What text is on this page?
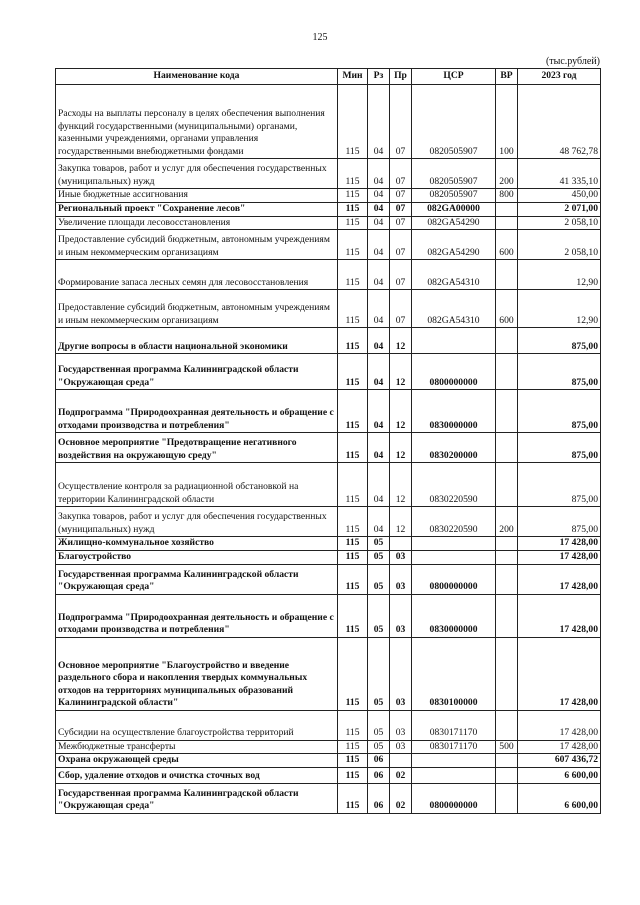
125
(тыс.рублей)
Наименование кода	Мин	Рз	Пр	ЦСР	ВР	2023 год
Расходы на выплаты персоналу в целях обеспечения выполнения функций государственными (муниципальными) органами, казенными учреждениями, органами управления государственными внебюджетными фондами	115	04	07	0820505907	100	48 762,78
Закупка товаров, работ и услуг для обеспечения государственных (муниципальных) нужд	115	04	07	0820505907	200	41 335,10
Иные бюджетные ассигнования	115	04	07	0820505907	800	450,00
Региональный проект "Сохранение лесов"	115	04	07	082GA00000		2 071,00
Увеличение площади лесовосстановления	115	04	07	082GA54290		2 058,10
Предоставление субсидий бюджетным, автономным учреждениям и иным некоммерческим организациям	115	04	07	082GA54290	600	2 058,10
Формирование запаса лесных семян для лесовосстановления	115	04	07	082GA54310		12,90
Предоставление субсидий бюджетным, автономным учреждениям и иным некоммерческим организациям	115	04	07	082GA54310	600	12,90
Другие вопросы в области национальной экономики	115	04	12			875,00
Государственная программа Калининградской области "Окружающая среда"	115	04	12	0800000000		875,00
Подпрограмма "Природоохранная деятельность и обращение с отходами производства и потребления"	115	04	12	0830000000		875,00
Основное мероприятие "Предотвращение негативного воздействия на окружающую среду"	115	04	12	0830200000		875,00
Осуществление контроля за радиационной обстановкой на территории Калининградской области	115	04	12	0830220590		875,00
Закупка товаров, работ и услуг для обеспечения государственных (муниципальных) нужд	115	04	12	0830220590	200	875,00
Жилищно-коммунальное хозяйство	115	05				17 428,00
Благоустройство	115	05	03			17 428,00
Государственная программа Калининградской области "Окружающая среда"	115	05	03	0800000000		17 428,00
Подпрограмма "Природоохранная деятельность и обращение с отходами производства и потребления"	115	05	03	0830000000		17 428,00
Основное мероприятие "Благоустройство и введение раздельного сбора и накопления твердых коммунальных отходов на территориях муниципальных образований Калининградской области"	115	05	03	0830100000		17 428,00
Субсидии на осуществление благоустройства территорий	115	05	03	0830171170		17 428,00
Межбюджетные трансферты	115	05	03	0830171170	500	17 428,00
Охрана окружающей среды	115	06				607 436,72
Сбор, удаление отходов и очистка сточных вод	115	06	02			6 600,00
Государственная программа Калининградской области "Окружающая среда"	115	06	02	0800000000		6 600,00
